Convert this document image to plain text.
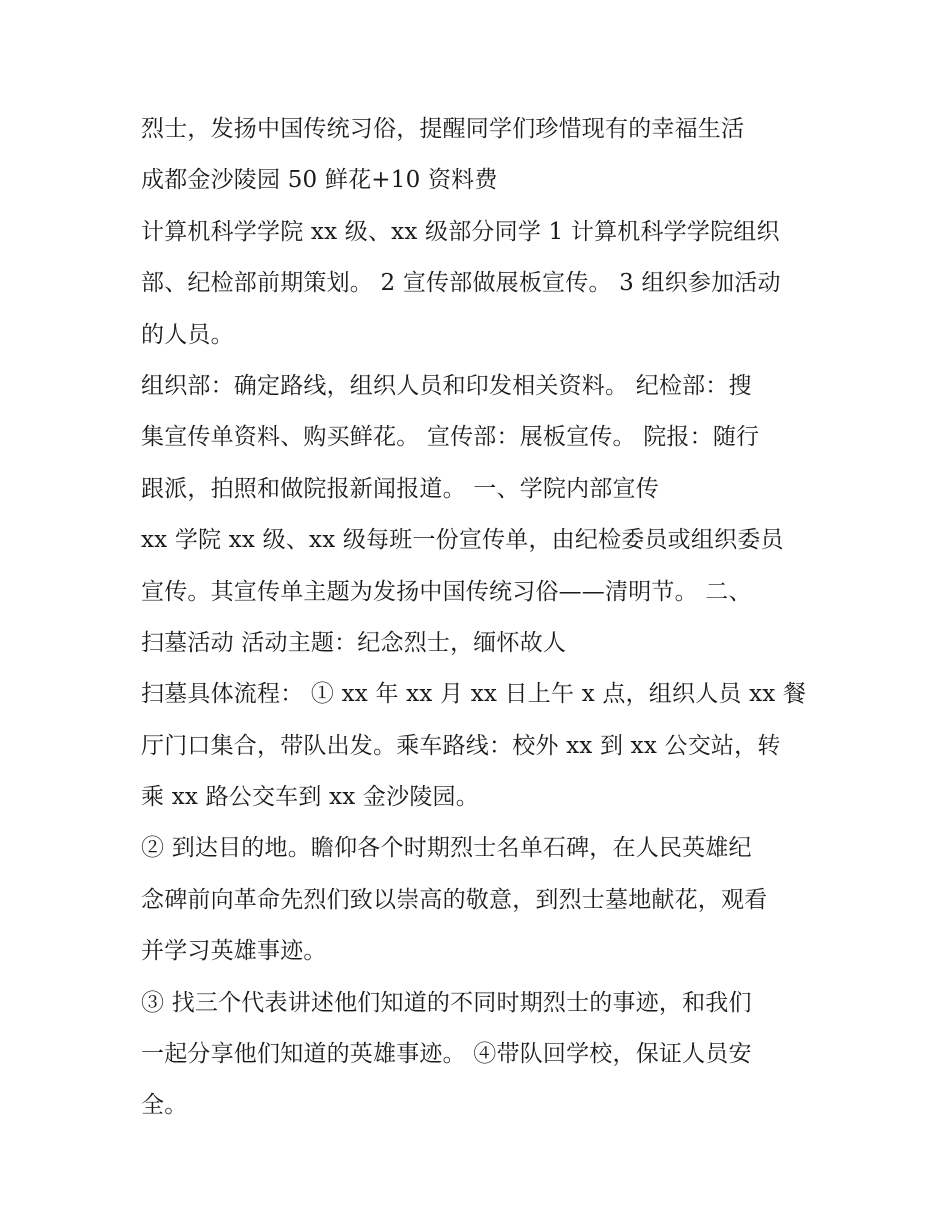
烈士，发扬中国传统习俗，提醒同学们珍惜现有的幸福生活
成都金沙陵园 50 鲜花+10 资料费
计算机科学学院 xx 级、xx 级部分同学 1 计算机科学学院组织
部、纪检部前期策划。 2 宣传部做展板宣传。 3 组织参加活动
的人员。
组织部：确定路线，组织人员和印发相关资料。 纪检部：搜
集宣传单资料、购买鲜花。 宣传部：展板宣传。 院报：随行
跟派，拍照和做院报新闻报道。 一、学院内部宣传
xx 学院 xx 级、xx 级每班一份宣传单，由纪检委员或组织委员
宣传。其宣传单主题为发扬中国传统习俗——清明节。 二、
扫墓活动 活动主题：纪念烈士，缅怀故人
扫墓具体流程： ① xx 年 xx 月 xx 日上午 x 点，组织人员 xx 餐
厅门口集合，带队出发。乘车路线：校外 xx 到 xx 公交站，转
乘 xx 路公交车到 xx 金沙陵园。
② 到达目的地。瞻仰各个时期烈士名单石碑，在人民英雄纪
念碑前向革命先烈们致以崇高的敬意，到烈士墓地献花，观看
并学习英雄事迹。
③ 找三个代表讲述他们知道的不同时期烈士的事迹，和我们
一起分享他们知道的英雄事迹。 ④带队回学校，保证人员安
全。
